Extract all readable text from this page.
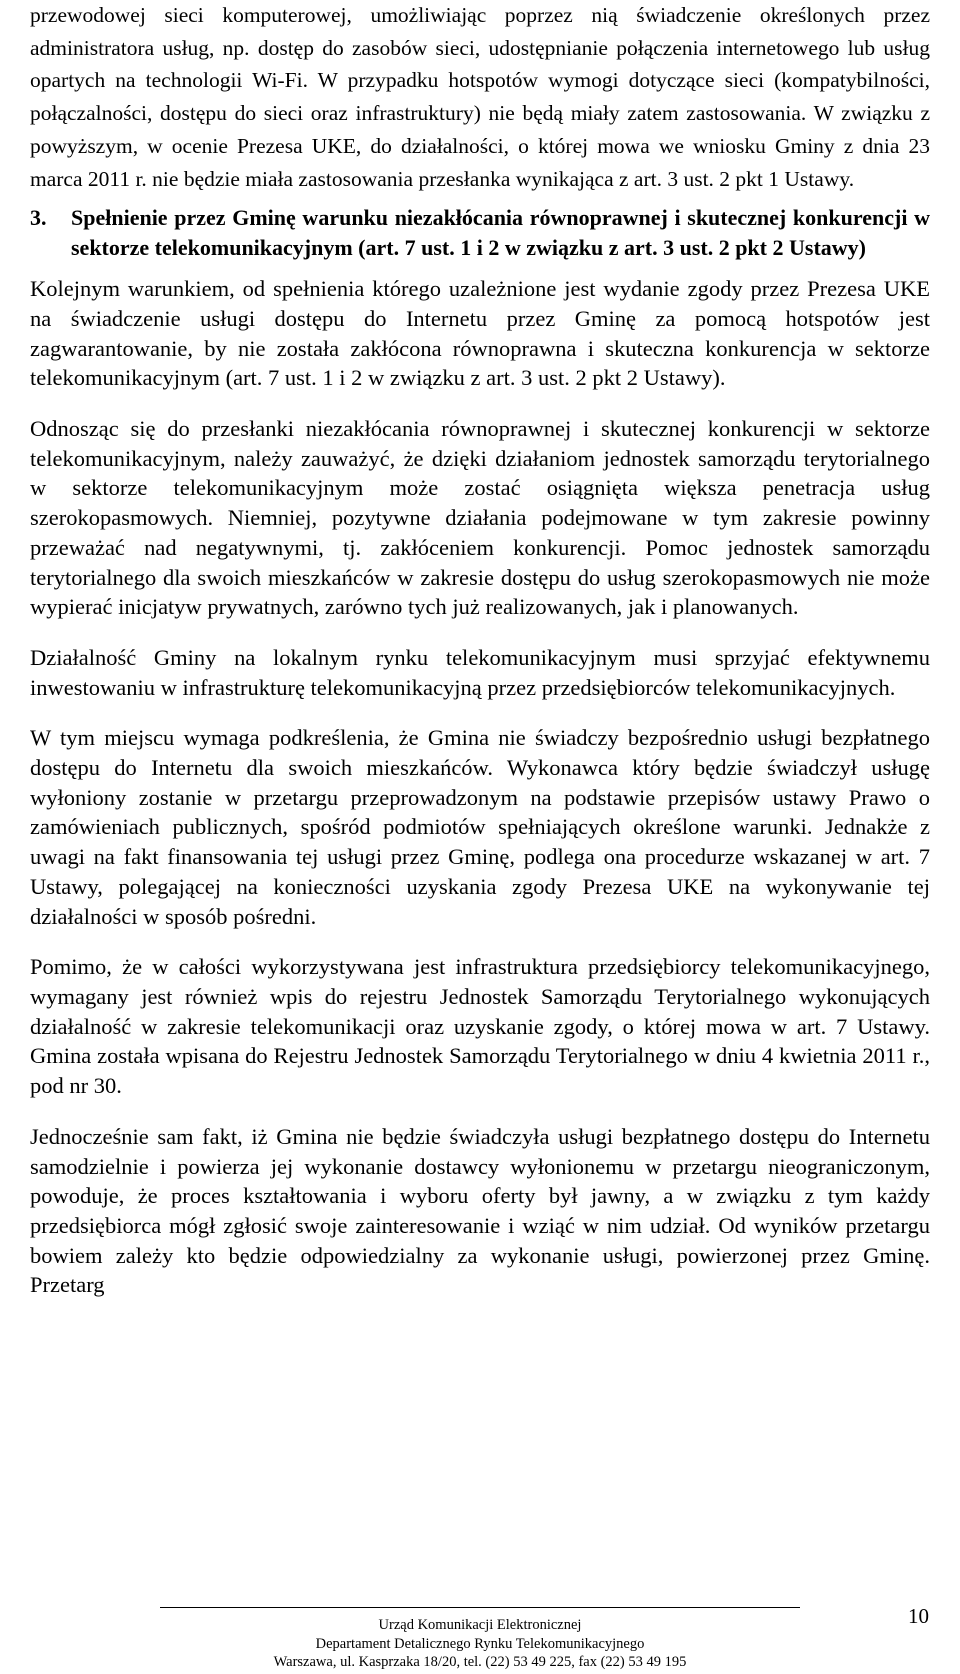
przewodowej sieci komputerowej, umożliwiając poprzez nią świadczenie określonych przez administratora usług, np. dostęp do zasobów sieci, udostępnianie połączenia internetowego lub usług opartych na technologii Wi-Fi. W przypadku hotspotów wymogi dotyczące sieci (kompatybilności, połączalności, dostępu do sieci oraz infrastruktury) nie będą miały zatem zastosowania. W związku z powyższym, w ocenie Prezesa UKE, do działalności, o której mowa we wniosku Gminy z dnia 23 marca 2011 r. nie będzie miała zastosowania przesłanka wynikająca z art. 3 ust. 2 pkt 1 Ustawy.

3.	Spełnienie przez Gminę warunku niezakłócania równoprawnej i skutecznej konkurencji w sektorze telekomunikacyjnym (art. 7 ust. 1 i 2 w związku z art. 3 ust. 2 pkt 2 Ustawy)

Kolejnym warunkiem, od spełnienia którego uzależnione jest wydanie zgody przez Prezesa UKE na świadczenie usługi dostępu do Internetu przez Gminę za pomocą hotspotów jest zagwarantowanie, by nie została zakłócona równoprawna i skuteczna konkurencja w sektorze telekomunikacyjnym (art. 7 ust. 1 i 2 w związku z art. 3 ust. 2 pkt 2 Ustawy).

Odnosząc się do przesłanki niezakłócania równoprawnej i skutecznej konkurencji w sektorze telekomunikacyjnym, należy zauważyć, że dzięki działaniom jednostek samorządu terytorialnego w sektorze telekomunikacyjnym może zostać osiągnięta większa penetracja usług szerokopasmowych. Niemniej, pozytywne działania podejmowane w tym zakresie powinny przeważać nad negatywnymi, tj. zakłóceniem konkurencji. Pomoc jednostek samorządu terytorialnego dla swoich mieszkańców w zakresie dostępu do usług szerokopasmowych nie może wypierać inicjatyw prywatnych, zarówno tych już realizowanych, jak i planowanych.

Działalność Gminy na lokalnym rynku telekomunikacyjnym musi sprzyjać efektywnemu inwestowaniu w infrastrukturę telekomunikacyjną przez przedsiębiorców telekomunikacyjnych.

W tym miejscu wymaga podkreślenia, że Gmina nie świadczy bezpośrednio usługi bezpłatnego dostępu do Internetu dla swoich mieszkańców. Wykonawca który będzie świadczył usługę wyłoniony zostanie w przetargu przeprowadzonym na podstawie przepisów ustawy Prawo o zamówieniach publicznych, spośród podmiotów spełniających określone warunki. Jednakże z uwagi na fakt finansowania tej usługi przez Gminę, podlega ona procedurze wskazanej w art. 7 Ustawy, polegającej na konieczności uzyskania zgody Prezesa UKE na wykonywanie tej działalności w sposób pośredni.

Pomimo, że w całości wykorzystywana jest infrastruktura przedsiębiorcy telekomunikacyjnego, wymagany jest również wpis do rejestru Jednostek Samorządu Terytorialnego wykonujących działalność w zakresie telekomunikacji oraz uzyskanie zgody, o której mowa w art. 7 Ustawy. Gmina została wpisana do Rejestru Jednostek Samorządu Terytorialnego w dniu 4 kwietnia 2011 r., pod nr 30.

Jednocześnie sam fakt, iż Gmina nie będzie świadczyła usługi bezpłatnego dostępu do Internetu samodzielnie i powierza jej wykonanie dostawcy wyłonionemu w przetargu nieograniczonym, powoduje, że proces kształtowania i wyboru oferty był jawny, a w związku z tym każdy przedsiębiorca mógł zgłosić swoje zainteresowanie i wziąć w nim udział. Od wyników przetargu bowiem zależy kto będzie odpowiedzialny za wykonanie usługi, powierzonej przez Gminę. Przetarg

10
Urząd Komunikacji Elektronicznej
Departament Detalicznego Rynku Telekomunikacyjnego
Warszawa, ul. Kasprzaka 18/20, tel. (22) 53 49 225, fax (22) 53 49 195
